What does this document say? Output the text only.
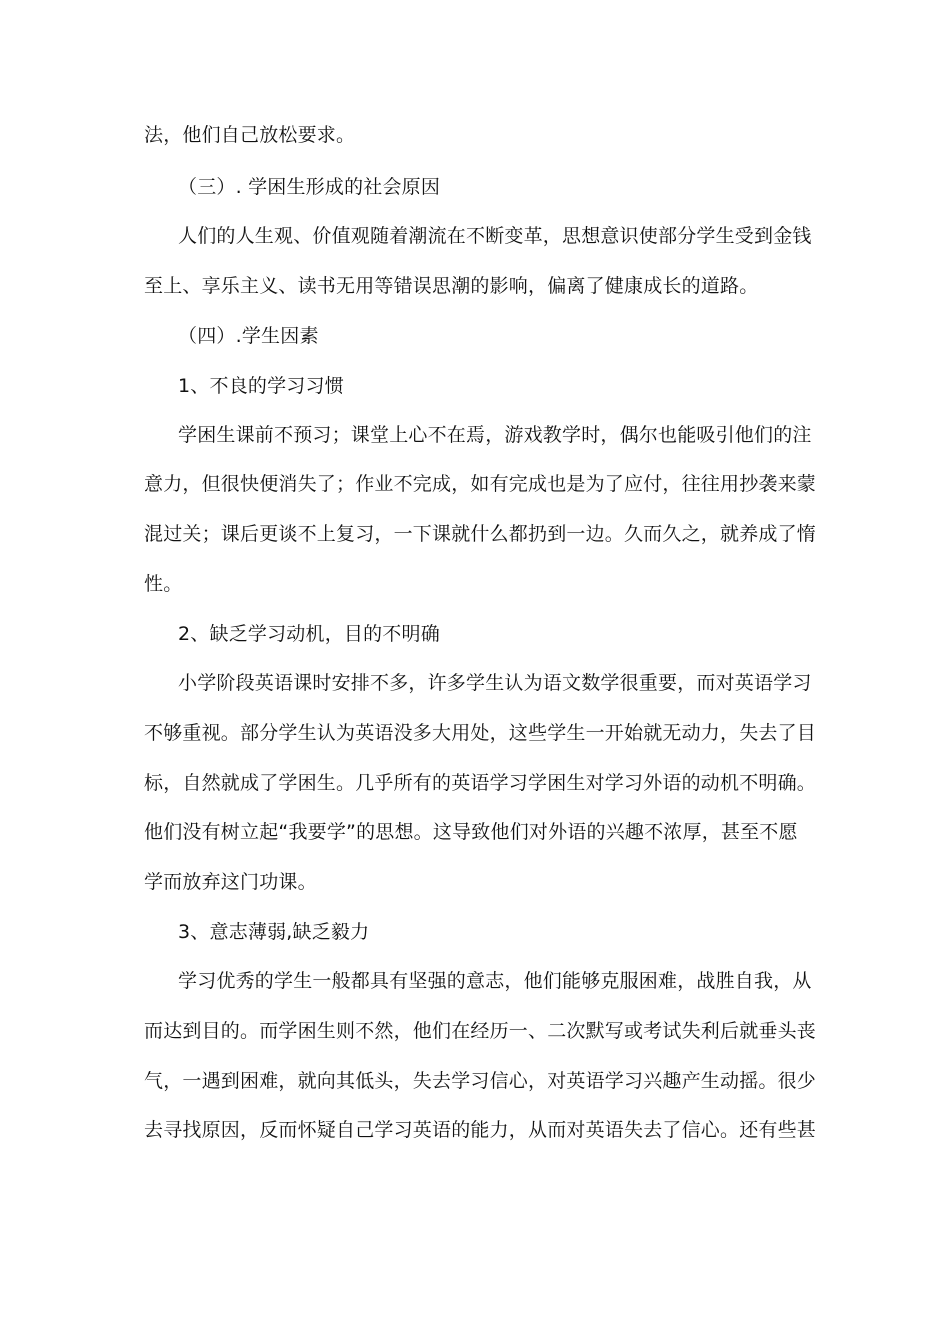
法，他们自己放松要求。
（三）. 学困生形成的社会原因
人们的人生观、价值观随着潮流在不断变革，思想意识使部分学生受到金钱
至上、享乐主义、读书无用等错误思潮的影响，偏离了健康成长的道路。
（四）.学生因素
1、不良的学习习惯
学困生课前不预习；课堂上心不在焉，游戏教学时，偶尔也能吸引他们的注
意力，但很快便消失了；作业不完成，如有完成也是为了应付，往往用抄袭来蒙
混过关；课后更谈不上复习，一下课就什么都扔到一边。久而久之，就养成了惰
性。
2、缺乏学习动机，目的不明确
小学阶段英语课时安排不多，许多学生认为语文数学很重要，而对英语学习
不够重视。部分学生认为英语没多大用处，这些学生一开始就无动力，失去了目
标，自然就成了学困生。几乎所有的英语学习学困生对学习外语的动机不明确。
他们没有树立起“我要学”的思想。这导致他们对外语的兴趣不浓厚，甚至不愿
学而放弃这门功课。
3、意志薄弱,缺乏毅力
学习优秀的学生一般都具有坚强的意志，他们能够克服困难，战胜自我，从
而达到目的。而学困生则不然，他们在经历一、二次默写或考试失利后就垂头丧
气，一遇到困难，就向其低头，失去学习信心，对英语学习兴趣产生动摇。很少
去寻找原因，反而怀疑自己学习英语的能力，从而对英语失去了信心。还有些甚
